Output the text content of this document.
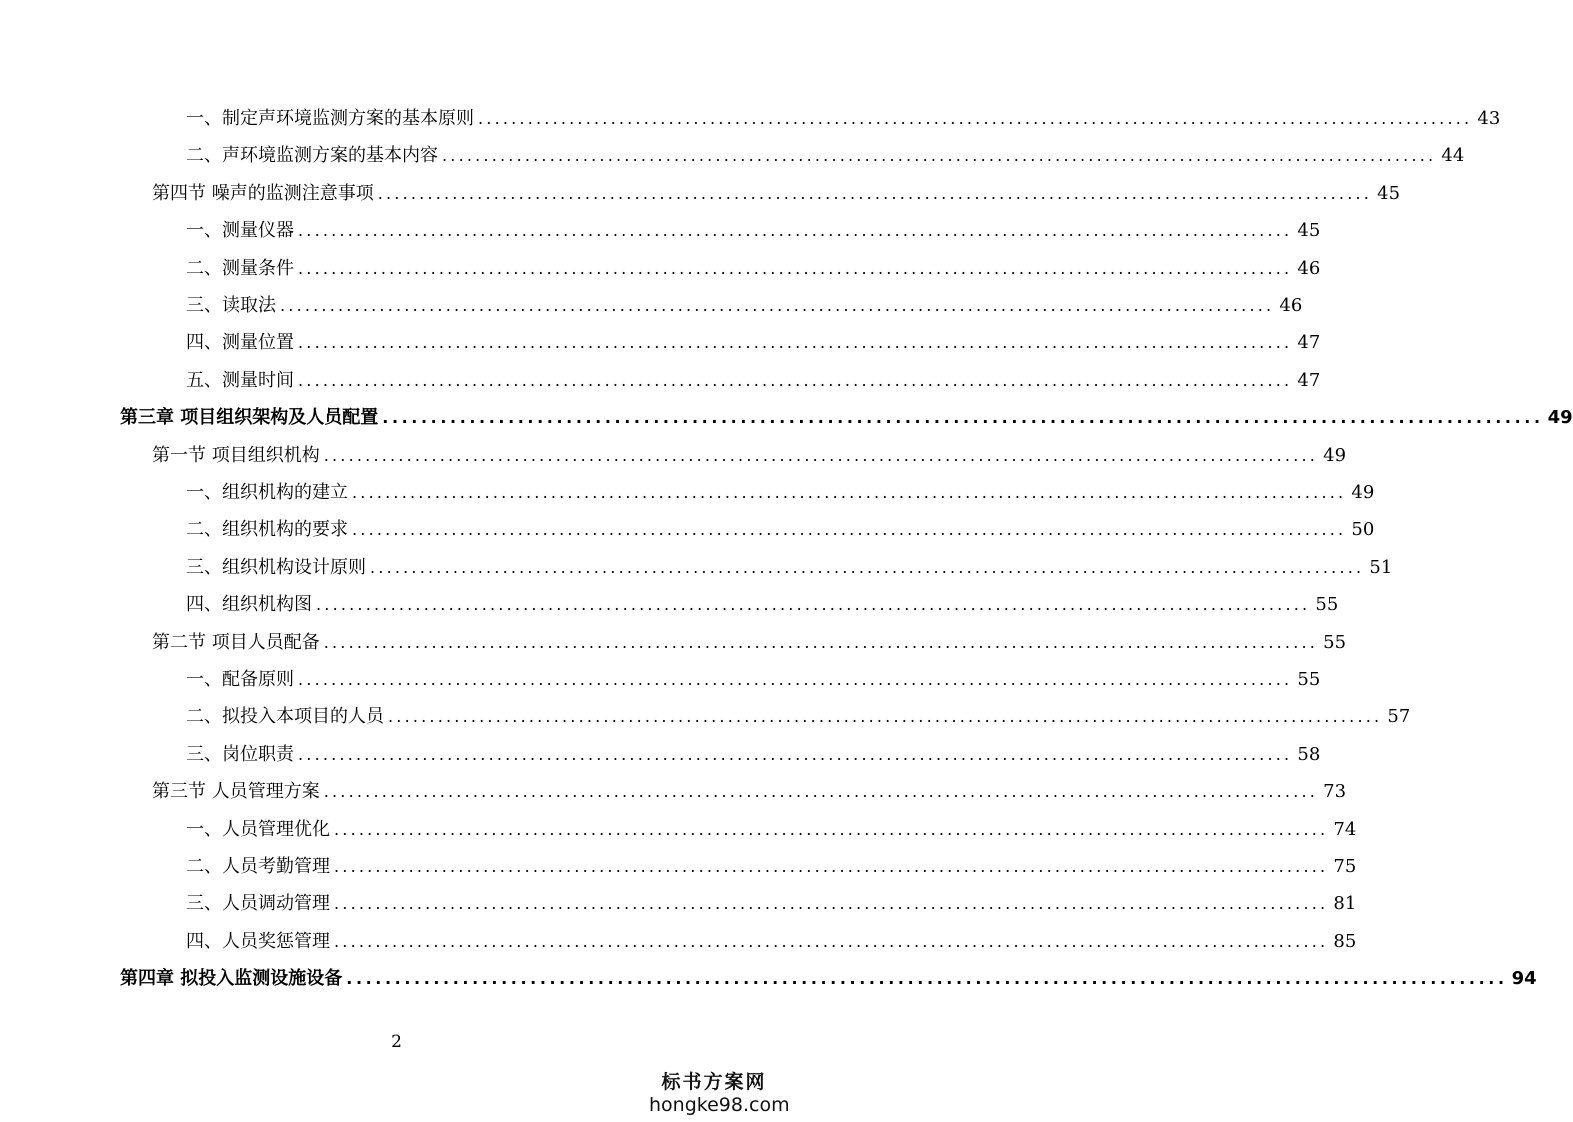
一、制定声环境监测方案的基本原则 ........................................................................................................................ 43
二、声环境监测方案的基本内容 ........................................................................................................................ 44
第四节 噪声的监测注意事项 ........................................................................................................................ 45
一、测量仪器 ........................................................................................................................ 45
二、测量条件 ........................................................................................................................ 46
三、读取法 ........................................................................................................................ 46
四、测量位置 ........................................................................................................................ 47
五、测量时间 ........................................................................................................................ 47
第三章 项目组织架构及人员配置 ........................................................................................................................ 49
第一节 项目组织机构 ........................................................................................................................ 49
一、组织机构的建立 ........................................................................................................................ 49
二、组织机构的要求 ........................................................................................................................ 50
三、组织机构设计原则 ........................................................................................................................ 51
四、组织机构图 ........................................................................................................................ 55
第二节 项目人员配备 ........................................................................................................................ 55
一、配备原则 ........................................................................................................................ 55
二、拟投入本项目的人员 ........................................................................................................................ 57
三、岗位职责 ........................................................................................................................ 58
第三节 人员管理方案 ........................................................................................................................ 73
一、人员管理优化 ........................................................................................................................ 74
二、人员考勤管理 ........................................................................................................................ 75
三、人员调动管理 ........................................................................................................................ 81
四、人员奖惩管理 ........................................................................................................................ 85
第四章 拟投入监测设施设备 ........................................................................................................................ 94
2
标书方案网
hongke98.com
